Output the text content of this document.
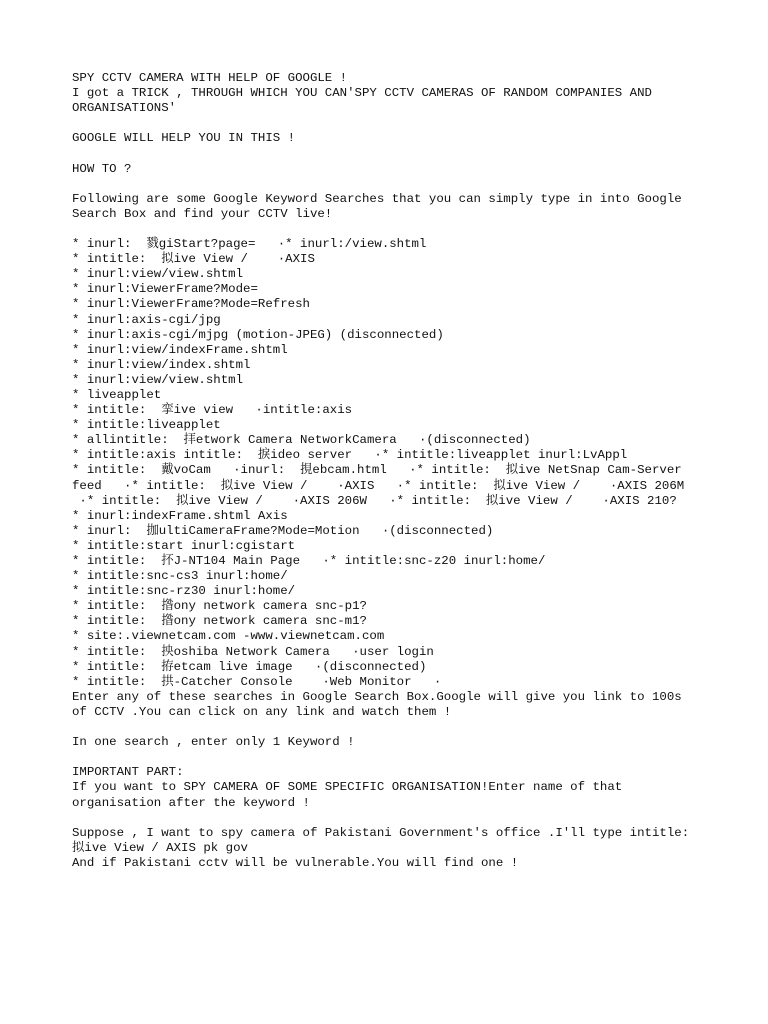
SPY CCTV CAMERA WITH HELP OF GOOGLE !
I got a TRICK , THROUGH WHICH YOU CAN'SPY CCTV CAMERAS OF RANDOM COMPANIES AND
ORGANISATIONS'
GOOGLE WILL HELP YOU IN THIS !
HOW TO ?
Following are some Google Keyword Searches that you can simply type in into Google
Search Box and find your CCTV live!
* inurl:  戮giStart?page=   ·* inurl:/view.shtml
* intitle:  拟ive View /    ·AXIS
* inurl:view/view.shtml
* inurl:ViewerFrame?Mode=
* inurl:ViewerFrame?Mode=Refresh
* inurl:axis-cgi/jpg
* inurl:axis-cgi/mjpg (motion-JPEG) (disconnected)
* inurl:view/indexFrame.shtml
* inurl:view/index.shtml
* inurl:view/view.shtml
* liveapplet
* intitle:  挛ive view   ·intitle:axis
* intitle:liveapplet
* allintitle:  拝etwork Camera NetworkCamera   ·(disconnected)
* intitle:axis intitle:  捩ideo server   ·* intitle:liveapplet inurl:LvAppl
* intitle:  戴voCam   ·inurl:  挸ebcam.html   ·* intitle:  拟ive NetSnap Cam-Server
feed   ·* intitle:  拟ive View /    ·AXIS   ·* intitle:  拟ive View /    ·AXIS 206M
·* intitle:  拟ive View /    ·AXIS 206W   ·* intitle:  拟ive View /    ·AXIS 210?
* inurl:indexFrame.shtml Axis
* inurl:  拁ultiCameraFrame?Mode=Motion   ·(disconnected)
* intitle:start inurl:cgistart
* intitle:  抔J-NT104 Main Page   ·* intitle:snc-z20 inurl:home/
* intitle:snc-cs3 inurl:home/
* intitle:snc-rz30 inurl:home/
* intitle:  揝ony network camera snc-p1?
* intitle:  揝ony network camera snc-m1?
* site:.viewnetcam.com -www.viewnetcam.com
* intitle:  抰oshiba Network Camera   ·user login
* intitle:  拵etcam live image   ·(disconnected)
* intitle:  拱-Catcher Console    ·Web Monitor   ·
Enter any of these searches in Google Search Box.Google will give you link to 100s
of CCTV .You can click on any link and watch them !
In one search , enter only 1 Keyword !
IMPORTANT PART:
If you want to SPY CAMERA OF SOME SPECIFIC ORGANISATION!Enter name of that
organisation after the keyword !
Suppose , I want to spy camera of Pakistani Government's office .I'll type intitle:
拟ive View / AXIS pk gov
And if Pakistani cctv will be vulnerable.You will find one !
